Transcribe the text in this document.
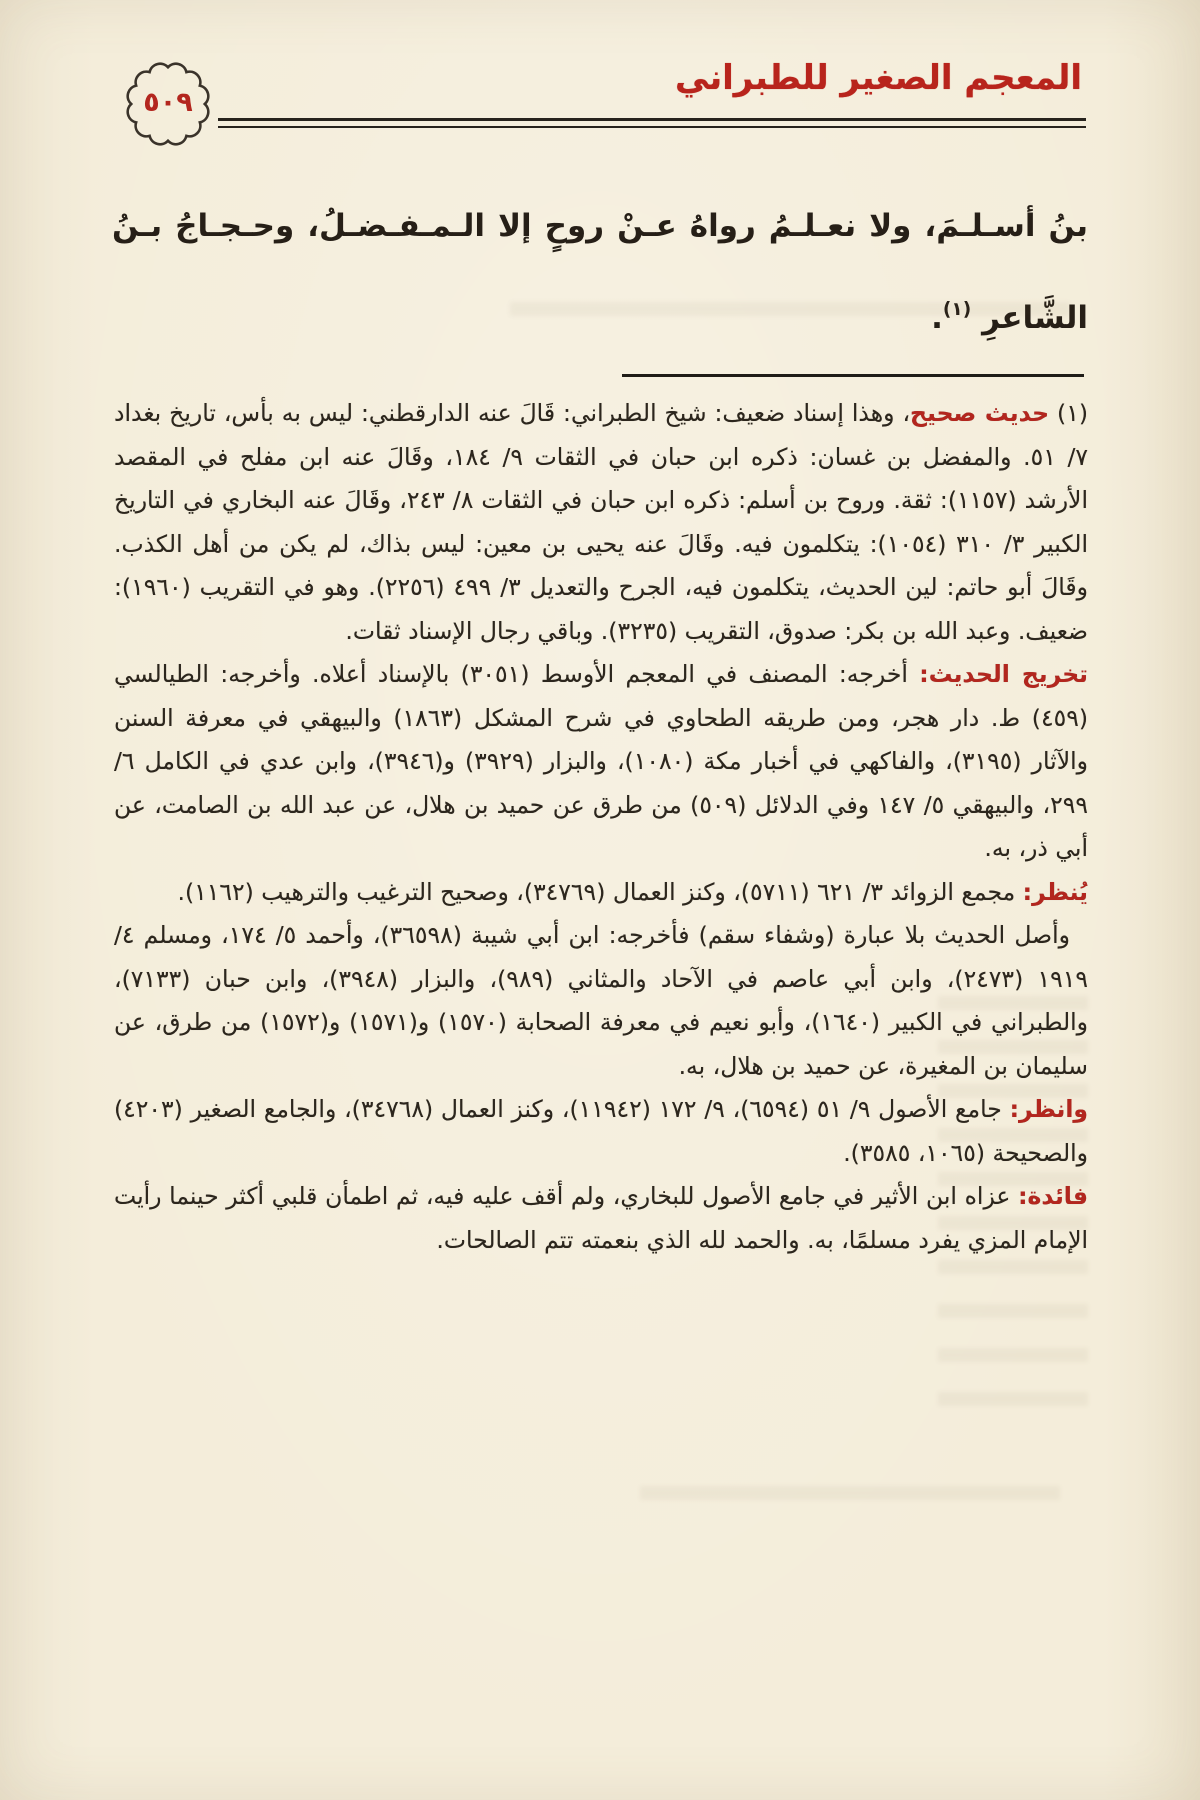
٥٠٩
المعجم الصغير للطبراني

بنُ أسـلـمَ، ولا نعـلـمُ رواهُ عـنْ روحٍ إلا الـمـفـضـلُ، وحـجـاجُ بـنُ

الشَّاعرِ $^{(١)}$.

(١) حديث صحيح، وهذا إسناد ضعيف: شيخ الطبراني: قَالَ عنه الدارقطني: ليس به بأس، تاريخ بغداد ٧/ ٥١. والمفضل بن غسان: ذكره ابن حبان في الثقات ٩/ ١٨٤، وقَالَ عنه ابن مفلح في المقصد الأرشد (١١٥٧): ثقة. وروح بن أسلم: ذكره ابن حبان في الثقات ٨/ ٢٤٣، وقَالَ عنه البخاري في التاريخ الكبير ٣/ ٣١٠ (١٠٥٤): يتكلمون فيه. وقَالَ عنه يحيى بن معين: ليس بذاك، لم يكن من أهل الكذب. وقَالَ أبو حاتم: لين الحديث، يتكلمون فيه، الجرح والتعديل ٣/ ٤٩٩ (٢٢٥٦). وهو في التقريب (١٩٦٠): ضعيف. وعبد الله بن بكر: صدوق، التقريب (٣٢٣٥). وباقي رجال الإسناد ثقات.

تخريج الحديث: أخرجه: المصنف في المعجم الأوسط (٣٠٥١) بالإسناد أعلاه. وأخرجه: الطيالسي (٤٥٩) ط. دار هجر، ومن طريقه الطحاوي في شرح المشكل (١٨٦٣) والبيهقي في معرفة السنن والآثار (٣١٩٥)، والفاكهي في أخبار مكة (١٠٨٠)، والبزار (٣٩٢٩) و(٣٩٤٦)، وابن عدي في الكامل ٦/ ٢٩٩، والبيهقي ٥/ ١٤٧ وفي الدلائل (٥٠٩) من طرق عن حميد بن هلال، عن عبد الله بن الصامت، عن أبي ذر، به.

يُنظر: مجمع الزوائد ٣/ ٦٢١ (٥٧١١)، وكنز العمال (٣٤٧٦٩)، وصحيح الترغيب والترهيب (١١٦٢).

وأصل الحديث بلا عبارة (وشفاء سقم) فأخرجه: ابن أبي شيبة (٣٦٥٩٨)، وأحمد ٥/ ١٧٤، ومسلم ٤/ ١٩١٩ (٢٤٧٣)، وابن أبي عاصم في الآحاد والمثاني (٩٨٩)، والبزار (٣٩٤٨)، وابن حبان (٧١٣٣)، والطبراني في الكبير (١٦٤٠)، وأبو نعيم في معرفة الصحابة (١٥٧٠) و(١٥٧١) و(١٥٧٢) من طرق، عن سليمان بن المغيرة، عن حميد بن هلال، به.

وانظر: جامع الأصول ٩/ ٥١ (٦٥٩٤)، ٩/ ١٧٢ (١١٩٤٢)، وكنز العمال (٣٤٧٦٨)، والجامع الصغير (٤٢٠٣) والصحيحة (١٠٦٥، ٣٥٨٥).

فائدة: عزاه ابن الأثير في جامع الأصول للبخاري، ولم أقف عليه فيه، ثم اطمأن قلبي أكثر حينما رأيت الإمام المزي يفرد مسلمًا، به. والحمد لله الذي بنعمته تتم الصالحات.
